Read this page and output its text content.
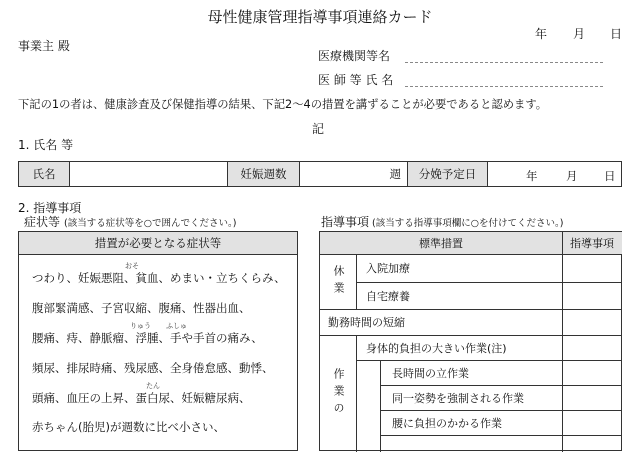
母性健康管理指導事項連絡カード
年 月 日
事業主 殿
医療機関等名
医 師 等 氏 名
下記の1の者は、健康診査及び保健指導の結果、下記2〜4の措置を講ずることが必要であると認めます。
記
1. 氏名 等
氏名	妊娠週数	週	分娩予定日	年 月 日
2. 指導事項
症状等 (該当する症状等を○で囲んでください。)	指導事項 (該当する指導事項欄に○を付けてください。)
措置が必要となる症状等
つわり、妊娠悪阻、貧血、めまい・立ちくらみ、
腹部緊満感、子宮収縮、腹痛、性器出血、
腰痛、痔、静脈瘤、浮腫、手や手首の痛み、
頻尿、排尿時痛、残尿感、全身倦怠感、動悸、
頭痛、血圧の上昇、蛋白尿、妊娠糖尿病、
赤ちゃん(胎児)が週数に比べ小さい、
おそ
りゅう ふしゅ
たん
標準措置	指導事項
休業 入院加療
自宅療養
勤務時間の短縮
作業の
身体的負担の大きい作業(注)
長時間の立作業
同一姿勢を強制される作業
腰に負担のかかる作業
